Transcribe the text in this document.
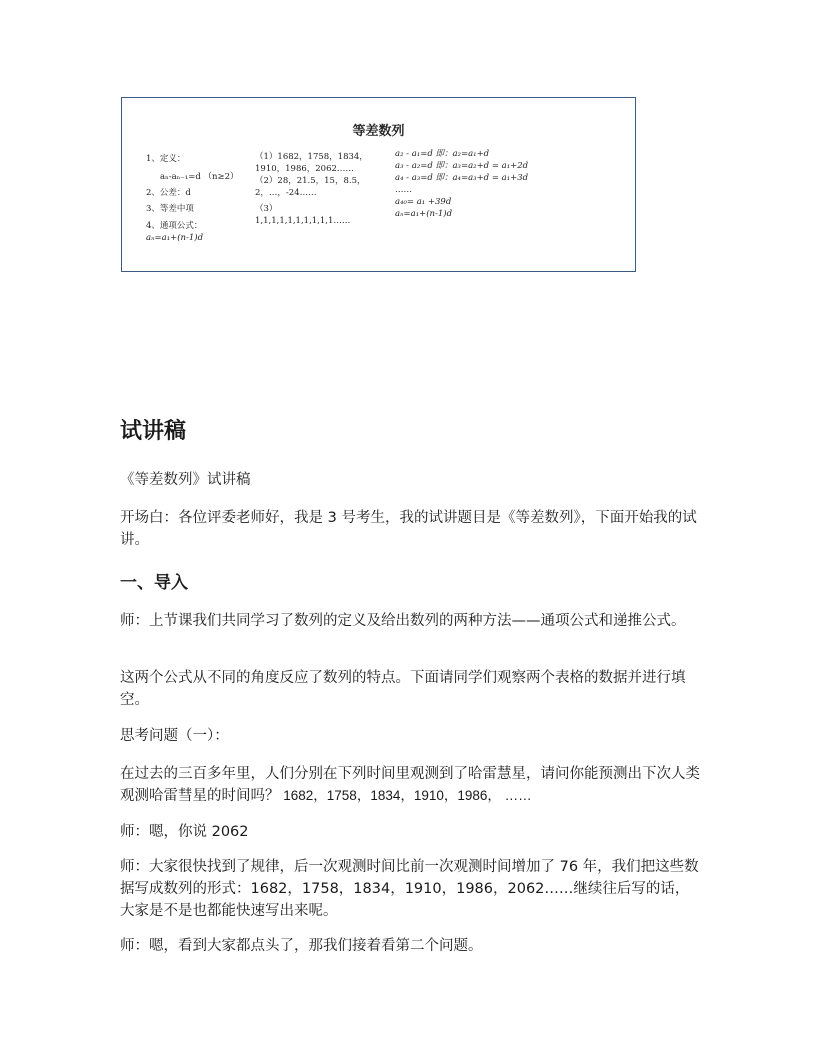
等差数列
1、定义：
aₙ-aₙ₋₁=d （n≥2）
2、公差：d
3、等差中项
4、通项公式：
aₙ=a₁+(n-1)d
（1）1682，1758，1834，
1910，1986，2062……
（2）28，21.5，15，8.5，
2，…，-24……
（3）
1,1,1,1,1,1,1,1,1,1……
a₂ - a₁=d 即：a₂=a₁+d
a₃ - a₂=d 即：a₃=a₂+d = a₁+2d
a₄ - a₃=d 即：a₄=a₃+d = a₁+3d
……
a₄₀= a₁ +39d
aₙ=a₁+(n-1)d
试讲稿

《等差数列》试讲稿

开场白：各位评委老师好，我是 3 号考生，我的试讲题目是《等差数列》，下面开始我的试讲。

一、导入

师：上节课我们共同学习了数列的定义及给出数列的两种方法——通项公式和递推公式。

这两个公式从不同的角度反应了数列的特点。下面请同学们观察两个表格的数据并进行填空。

思考问题（一）：

在过去的三百多年里，人们分别在下列时间里观测到了哈雷慧星，请问你能预测出下次人类观测哈雷彗星的时间吗？ 1682，1758，1834，1910，1986， ……

师：嗯，你说 2062

师：大家很快找到了规律，后一次观测时间比前一次观测时间增加了 76 年，我们把这些数据写成数列的形式：1682，1758，1834，1910，1986，2062……继续往后写的话，大家是不是也都能快速写出来呢。

师：嗯，看到大家都点头了，那我们接着看第二个问题。
